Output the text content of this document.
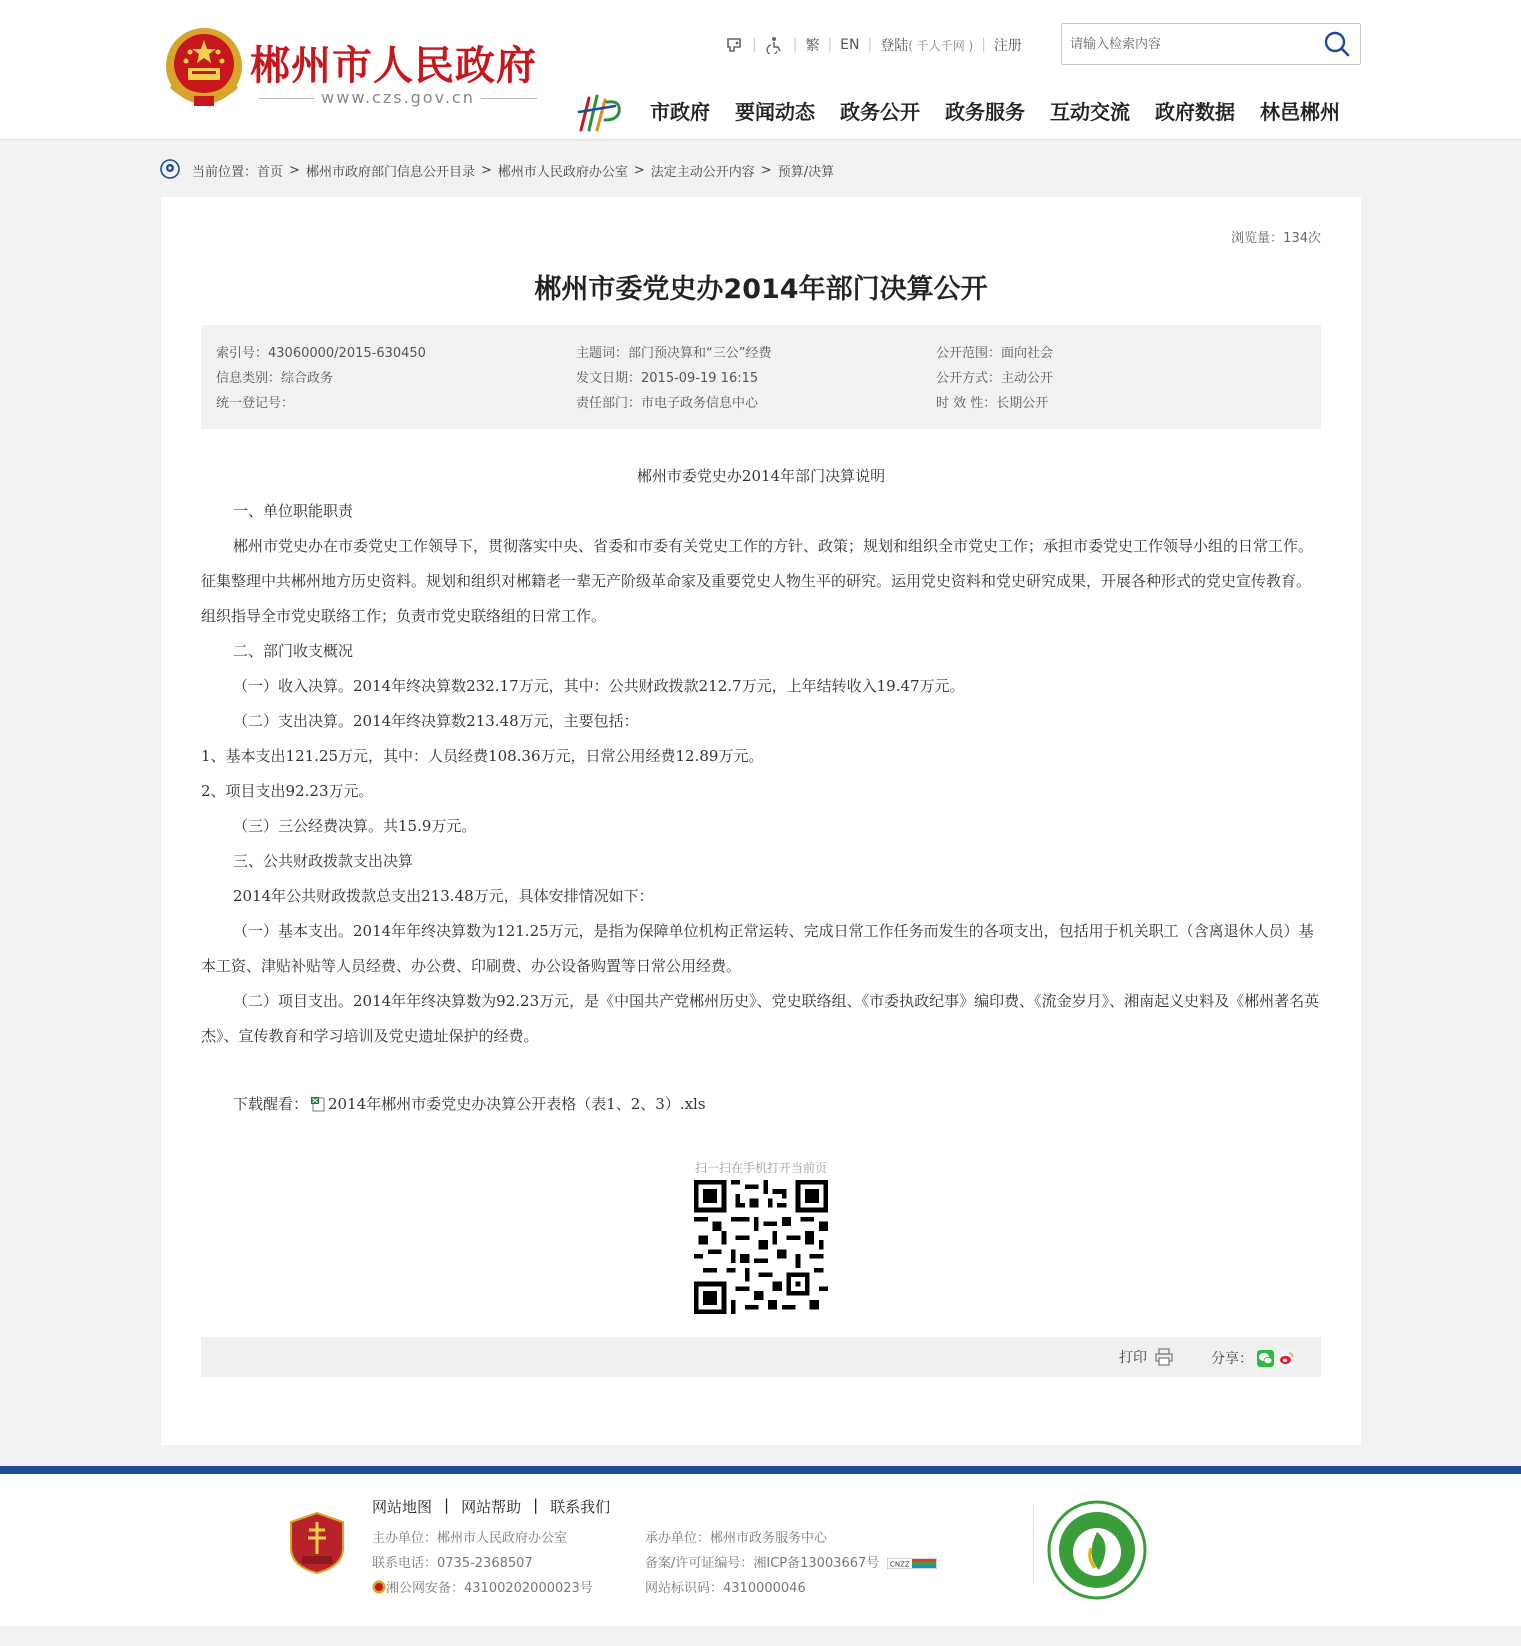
郴州市人民政府
www.czs.gov.cn
|	| 繁 | EN | 登陆 ( 千人千网 ) | 注册
请输入检索内容
市政府 要闻动态 政务公开 政务服务 互动交流 政府数据 林邑郴州
当前位置： 首页 > 郴州市政府部门信息公开目录 > 郴州市人民政府办公室 > 法定主动公开内容 > 预算/决算
浏览量：134次
郴州市委党史办2014年部门决算公开
索引号：43060000/2015-630450
信息类别：综合政务
统一登记号：
主题词：部门预决算和“三公”经费
发文日期：2015-09-19 16:15
责任部门：市电子政务信息中心
公开范围：面向社会
公开方式：主动公开
时 效 性：长期公开

郴州市委党史办2014年部门决算说明

一、单位职能职责

郴州市党史办在市委党史工作领导下，贯彻落实中央、省委和市委有关党史工作的方针、政策；规划和组织全市党史工作；承担市委党史工作领导小组的日常工作。征集整理中共郴州地方历史资料。规划和组织对郴籍老一辈无产阶级革命家及重要党史人物生平的研究。运用党史资料和党史研究成果，开展各种形式的党史宣传教育。组织指导全市党史联络工作；负责市党史联络组的日常工作。

二、部门收支概况

（一）收入决算。2014年终决算数232.17万元，其中：公共财政拨款212.7万元，上年结转收入19.47万元。

（二）支出决算。2014年终决算数213.48万元，主要包括：

1、基本支出121.25万元，其中：人员经费108.36万元，日常公用经费12.89万元。

2、项目支出92.23万元。

（三）三公经费决算。共15.9万元。

三、公共财政拨款支出决算

2014年公共财政拨款总支出213.48万元，具体安排情况如下：

（一）基本支出。2014年年终决算数为121.25万元，是指为保障单位机构正常运转、完成日常工作任务而发生的各项支出，包括用于机关职工（含离退休人员）基本工资、津贴补贴等人员经费、办公费、印刷费、办公设备购置等日常公用经费。

（二）项目支出。2014年年终决算数为92.23万元，是《中国共产党郴州历史》、党史联络组、《市委执政纪事》编印费、《流金岁月》、湘南起义史料及《郴州著名英杰》、宣传教育和学习培训及党史遗址保护的经费。

下载醒看： 2014年郴州市委党史办决算公开表格（表1、2、3）.xls
扫一扫在手机打开当前页
打印	分享：
网站地图 | 网站帮助 | 联系我们
主办单位：郴州市人民政府办公室
联系电话：0735-2368507
湘公网安备：43100202000023号
承办单位：郴州市政务服务中心
备案/许可证编号：湘ICP备13003667号 CNZZ
网站标识码：4310000046
